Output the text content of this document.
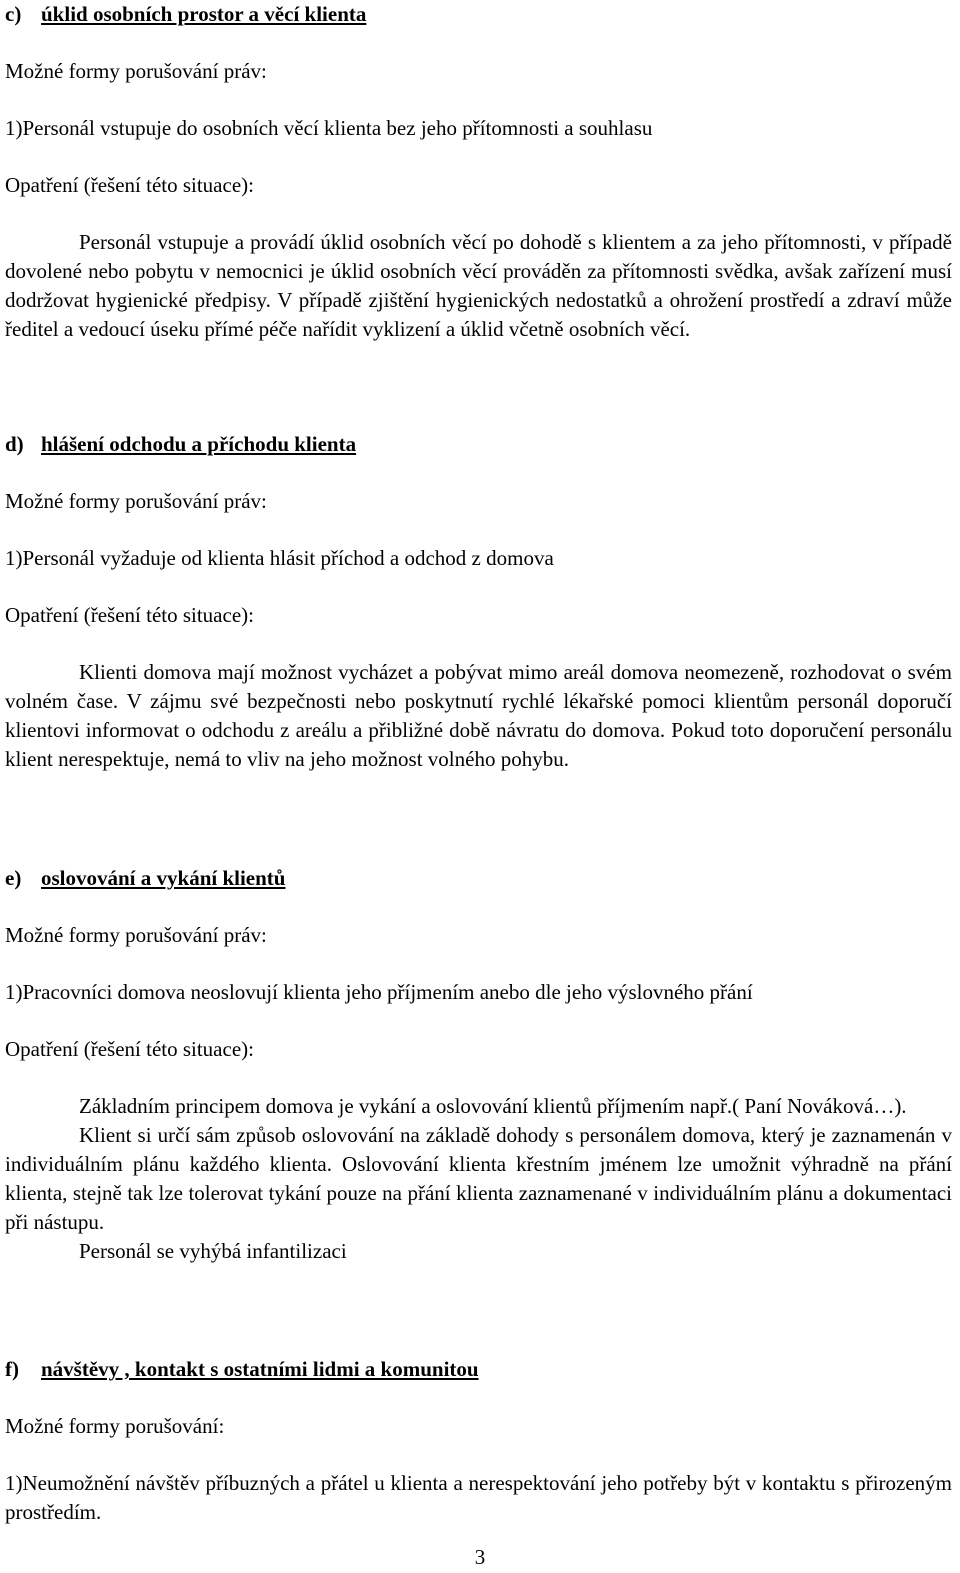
c) úklid osobních prostor a věcí klienta

Možné formy porušování práv:

1)Personál vstupuje do osobních věcí klienta bez jeho přítomnosti a souhlasu

Opatření (řešení této situace):

Personál vstupuje a provádí úklid osobních věcí po dohodě s klientem a za jeho přítomnosti, v případě dovolené nebo pobytu v nemocnici je úklid osobních věcí prováděn za přítomnosti svědka, avšak zařízení musí dodržovat hygienické předpisy. V případě zjištění hygienických nedostatků a ohrožení prostředí a zdraví může ředitel a vedoucí úseku přímé péče nařídit vyklizení a úklid včetně osobních věcí.

d) hlášení odchodu a příchodu klienta

Možné formy porušování práv:

1)Personál vyžaduje od klienta hlásit příchod a odchod z domova

Opatření (řešení této situace):

Klienti domova mají možnost vycházet a pobývat mimo areál domova neomezeně, rozhodovat o svém volném čase. V zájmu své bezpečnosti nebo poskytnutí rychlé lékařské pomoci klientům personál doporučí klientovi informovat o odchodu z areálu a přibližné době návratu do domova. Pokud toto doporučení personálu klient nerespektuje, nemá to vliv na jeho možnost volného pohybu.

e) oslovování a vykání klientů

Možné formy porušování práv:

1)Pracovníci domova neoslovují klienta jeho příjmením anebo dle jeho výslovného přání

Opatření (řešení této situace):

Základním principem domova je vykání a oslovování klientů příjmením např.( Paní Nováková…).

Klient si určí sám způsob oslovování na základě dohody s personálem domova, který je zaznamenán v individuálním plánu každého klienta. Oslovování klienta křestním jménem lze umožnit výhradně na přání klienta, stejně tak lze tolerovat tykání pouze na přání klienta zaznamenané v individuálním plánu a dokumentaci při nástupu.

Personál se vyhýbá infantilizaci

f) návštěvy , kontakt s ostatními lidmi a komunitou

Možné formy porušování:

1)Neumožnění návštěv příbuzných a přátel u klienta a nerespektování jeho potřeby být v kontaktu s přirozeným prostředím.

3
